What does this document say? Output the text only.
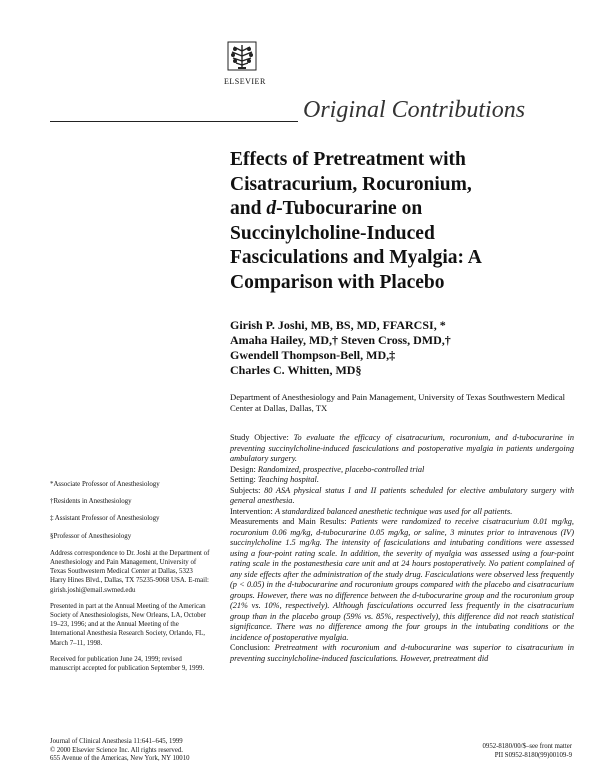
ELSEVIER
Original Contributions
Effects of Pretreatment with
Cisatracurium, Rocuronium,
and d-Tubocurarine on
Succinylcholine-Induced
Fasciculations and Myalgia: A
Comparison with Placebo
Girish P. Joshi, MB, BS, MD, FFARCSI, *
Amaha Hailey, MD,† Steven Cross, DMD,†
Gwendell Thompson-Bell, MD,‡
Charles C. Whitten, MD§
Department of Anesthesiology and Pain Management, University of Texas Southwestern Medical Center at Dallas, Dallas, TX

Study Objective: To evaluate the efficacy of cisatracurium, rocuronium, and d-tubocurarine in preventing succinylcholine-induced fasciculations and postoperative myalgia in patients undergoing ambulatory surgery.

Design: Randomized, prospective, placebo-controlled trial

Setting: Teaching hospital.

Subjects: 80 ASA physical status I and II patients scheduled for elective ambulatory surgery with general anesthesia.

Intervention: A standardized balanced anesthetic technique was used for all patients.

Measurements and Main Results: Patients were randomized to receive cisatracurium 0.01 mg/kg, rocuronium 0.06 mg/kg, d-tubocurarine 0.05 mg/kg, or saline, 3 minutes prior to intravenous (IV) succinylcholine 1.5 mg/kg. The intensity of fasciculations and intubating conditions were assessed using a four-point rating scale. In addition, the severity of myalgia was assessed using a four-point rating scale in the postanesthesia care unit and at 24 hours postoperatively. No patient complained of any side effects after the administration of the study drug. Fasciculations were observed less frequently (p < 0.05) in the d-tubocurarine and rocuronium groups compared with the placebo and cisatracurium groups. However, there was no difference between the d-tubocurarine group and the rocuronium group (21% vs. 10%, respectively). Although fasciculations occurred less frequently in the cisatracurium group than in the placebo group (59% vs. 85%, respectively), this difference did not reach statistical significance. There was no difference among the four groups in the intubating conditions or the incidence of postoperative myalgia.

Conclusion: Pretreatment with rocuronium and d-tubocurarine was superior to cisatracurium in preventing succinylcholine-induced fasciculations. However, pretreatment did

*Associate Professor of Anesthesiology
†Residents in Anesthesiology
‡ Assistant Professor of Anesthesiology
§Professor of Anesthesiology
Address correspondence to Dr. Joshi at the Department of Anesthesiology and Pain Management, University of Texas Southwestern Medical Center at Dallas, 5323 Harry Hines Blvd., Dallas, TX 75235-9068 USA. E-mail: girish.joshi@email.swmed.edu
Presented in part at the Annual Meeting of the American Society of Anesthesiologists, New Orleans, LA, October 19–23, 1996; and at the Annual Meeting of the International Anesthesia Research Society, Orlando, FL, March 7–11, 1998.
Received for publication June 24, 1999; revised manuscript accepted for publication September 9, 1999.
Journal of Clinical Anesthesia 11:641–645, 1999
© 2000 Elsevier Science Inc. All rights reserved.
655 Avenue of the Americas, New York, NY 10010
0952-8180/00/$–see front matter
PII S0952-8180(99)00109-9
